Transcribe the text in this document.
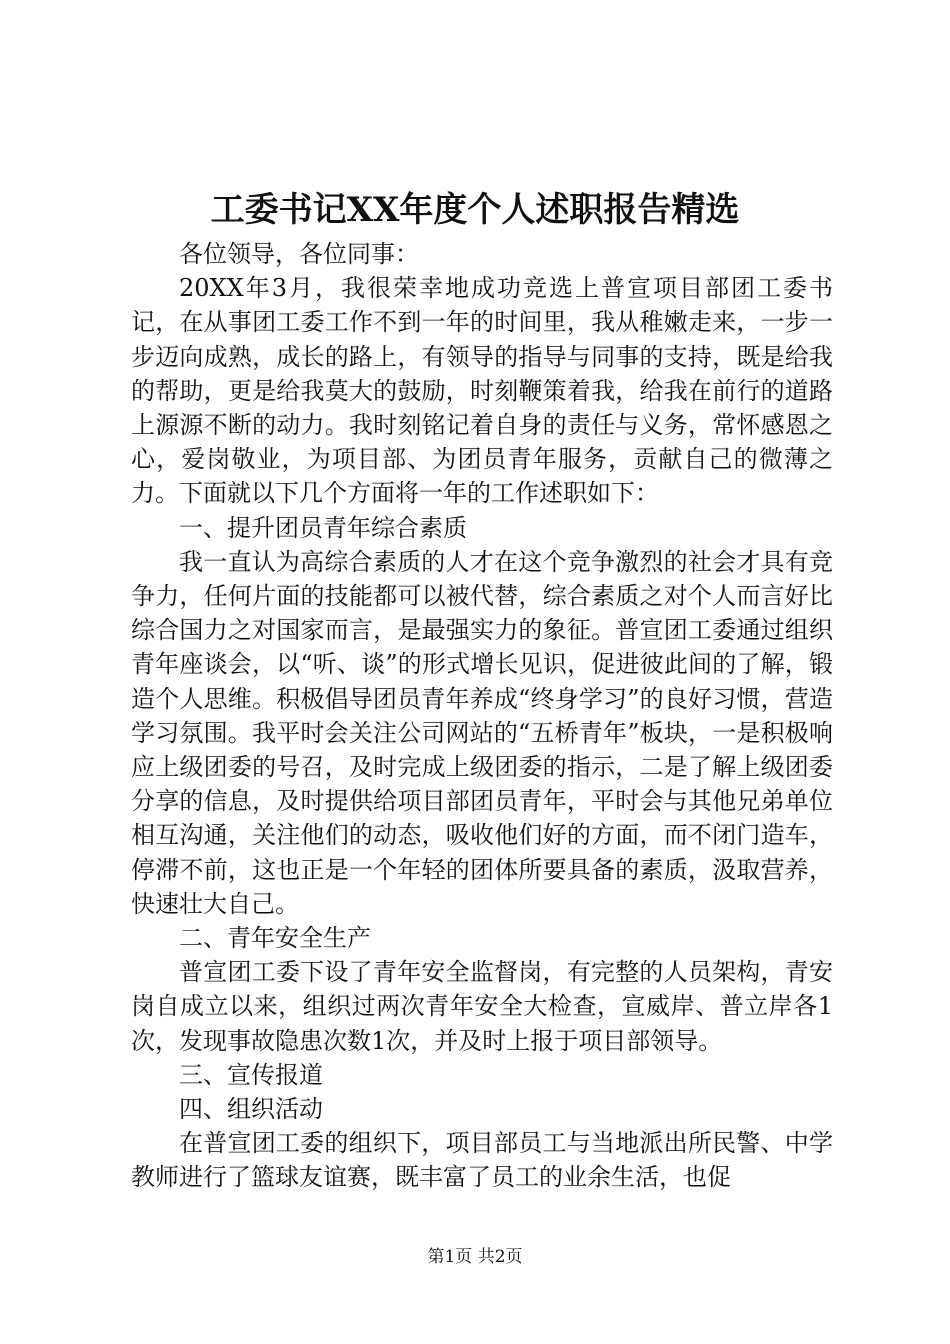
工委书记XX年度个人述职报告精选

各位领导，各位同事：

20XX年3月，我很荣幸地成功竞选上普宣项目部团工委书记，在从事团工委工作不到一年的时间里，我从稚嫩走来，一步一步迈向成熟，成长的路上，有领导的指导与同事的支持，既是给我的帮助，更是给我莫大的鼓励，时刻鞭策着我，给我在前行的道路上源源不断的动力。我时刻铭记着自身的责任与义务，常怀感恩之心，爱岗敬业，为项目部、为团员青年服务，贡献自己的微薄之力。下面就以下几个方面将一年的工作述职如下：

一、提升团员青年综合素质

我一直认为高综合素质的人才在这个竞争激烈的社会才具有竞争力，任何片面的技能都可以被代替，综合素质之对个人而言好比综合国力之对国家而言，是最强实力的象征。普宣团工委通过组织青年座谈会，以“听、谈”的形式增长见识，促进彼此间的了解，锻造个人思维。积极倡导团员青年养成“终身学习”的良好习惯，营造学习氛围。我平时会关注公司网站的“五桥青年”板块，一是积极响应上级团委的号召，及时完成上级团委的指示，二是了解上级团委分享的信息，及时提供给项目部团员青年，平时会与其他兄弟单位相互沟通，关注他们的动态，吸收他们好的方面，而不闭门造车，停滞不前，这也正是一个年轻的团体所要具备的素质，汲取营养，快速壮大自己。

二、青年安全生产

普宣团工委下设了青年安全监督岗，有完整的人员架构，青安岗自成立以来，组织过两次青年安全大检查，宣威岸、普立岸各1次，发现事故隐患次数1次，并及时上报于项目部领导。

三、宣传报道

四、组织活动

在普宣团工委的组织下，项目部员工与当地派出所民警、中学教师进行了篮球友谊赛，既丰富了员工的业余生活，也促

第1页 共2页
